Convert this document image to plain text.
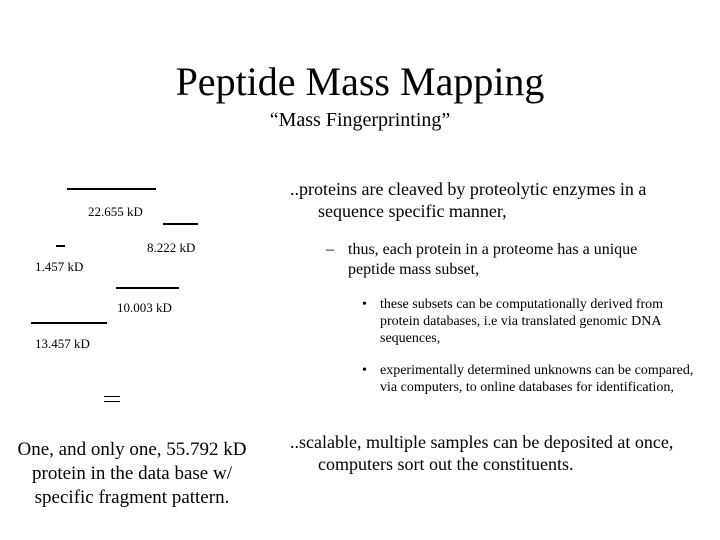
Peptide Mass Mapping
“Mass Fingerprinting”
22.655 kD
8.222 kD
1.457 kD
10.003 kD
13.457 kD
One, and only one, 55.792 kD protein in the data base w/ specific fragment pattern.
..proteins are cleaved by proteolytic enzymes in a sequence specific manner,
– thus, each protein in a proteome has a unique peptide mass subset,
• these subsets can be computationally derived from protein databases, i.e via translated genomic DNA sequences,
• experimentally determined unknowns can be compared, via computers, to online databases for identification,
..scalable, multiple samples can be deposited at once, computers sort out the constituents.
